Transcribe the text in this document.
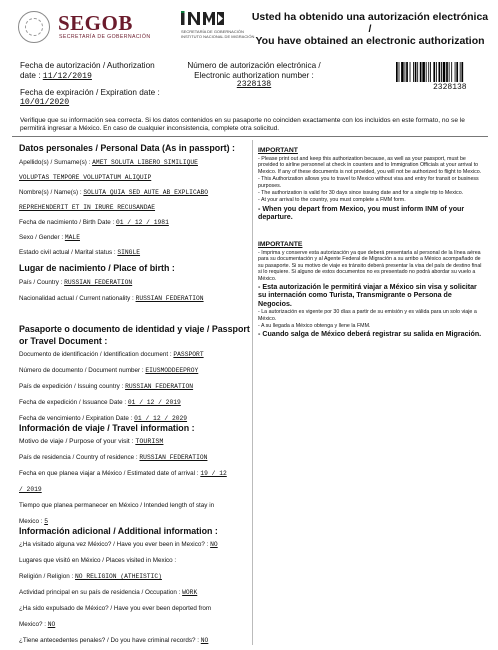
SEGOB
SECRETARÍA DE GOBERNACIÓN
SECRETARÍA DE GOBERNACIÓN
INSTITUTO NACIONAL DE MIGRACIÓN
Usted ha obtenido una autorización electrónica /
You have obtained an electronic authorization
Fecha de autorización / Authorization
date : 11/12/2019
Número de autorización electrónica /
Electronic authorization number :
2328138	2328138
Fecha de expiración / Expiration date :
10/01/2020
Verifique que su información sea correcta. Si los datos contenidos en su pasaporte no coinciden exactamente con los incluidos en este formato, no se le permitirá ingresar a México. En caso de cualquier inconsistencia, complete otra solicitud.
Datos personales / Personal Data (As in passport) :
Apellido(s) / Surname(s) : AMET SOLUTA LIBERO SIMILIQUE
VOLUPTAS TEMPORE VOLUPTATUM ALIQUIP
Nombre(s) / Name(s) : SOLUTA QUIA SED AUTE AB EXPLICABO
REPREHENDERIT ET IN IRURE RECUSANDAE
Fecha de nacimiento / Birth Date : 01 / 12 / 1981
Sexo / Gender : MALE
Estado civil actual / Marital status : SINGLE
Lugar de nacimiento / Place of birth :
País / Country : RUSSIAN FEDERATION
Nacionalidad actual / Current nationality : RUSSIAN FEDERATION
Pasaporte o documento de identidad y viaje / Passport
or Travel Document :
Documento de identificación / Identification document : PASSPORT
Número de documento / Document number : EIUSMODDEEPROY
País de expedición / Issuing country : RUSSIAN FEDERATION
Fecha de expedición / Issuance Date : 01 / 12 / 2019
Fecha de vencimiento / Expiration Date : 01 / 12 / 2029
Información de viaje / Travel information :
Motivo de viaje / Purpose of your visit : TOURISM
País de residencia / Country of residence : RUSSIAN FEDERATION
Fecha en que planea viajar a México / Estimated date of arrival : 19 / 12
/ 2019
Tiempo que planea permanecer en México / Intended length of stay in
Mexico : 5
Información adicional / Additional information :
¿Ha visitado alguna vez México? / Have you ever been in Mexico? : NO
Lugares que visitó en México / Places visited in Mexico :
Religión / Religion : NO RELIGION (ATHEISTIC)
Actividad principal en su país de residencia / Occupation : WORK
¿Ha sido expulsado de México? / Have you ever been deported from
Mexico? : NO
¿Tiene antecedentes penales? / Do you have criminal records? : NO
IMPORTANT
- Please print out and keep this authorization because, as well as your passport, must be provided to airline personnel at check in counters and to Immigration Officials at your arrival to Mexico. If any of these documents is not provided, you will not be authorized to flight to Mexico.
- This Authorization allows you to travel to Mexico without visa and entry for transit or business purposes.
- The authorization is valid for 30 days since issuing date and for a single trip to Mexico.
- At your arrival to the country, you must complete a FMM form.
- When you depart from Mexico, you must inform INM of your departure.
IMPORTANTE
- Imprima y conserve esta autorización ya que deberá presentarla al personal de la línea aérea para su documentación y al Agente Federal de Migración a su arribo a México acompañado de su pasaporte. Si su motivo de viaje es tránsito deberá presentar la visa del país de destino final si lo requiere. Si alguno de estos documentos no es presentado no podrá abordar su vuelo a México.
- Esta autorización le permitirá viajar a México sin visa y solicitar su internación como Turista, Transmigrante o Persona de Negocios.
- La autorización es vigente por 30 días a partir de su emisión y es válida para un solo viaje a México.
- A su llegada a México obtenga y llene la FMM.
- Cuando salga de México deberá registrar su salida en Migración.
